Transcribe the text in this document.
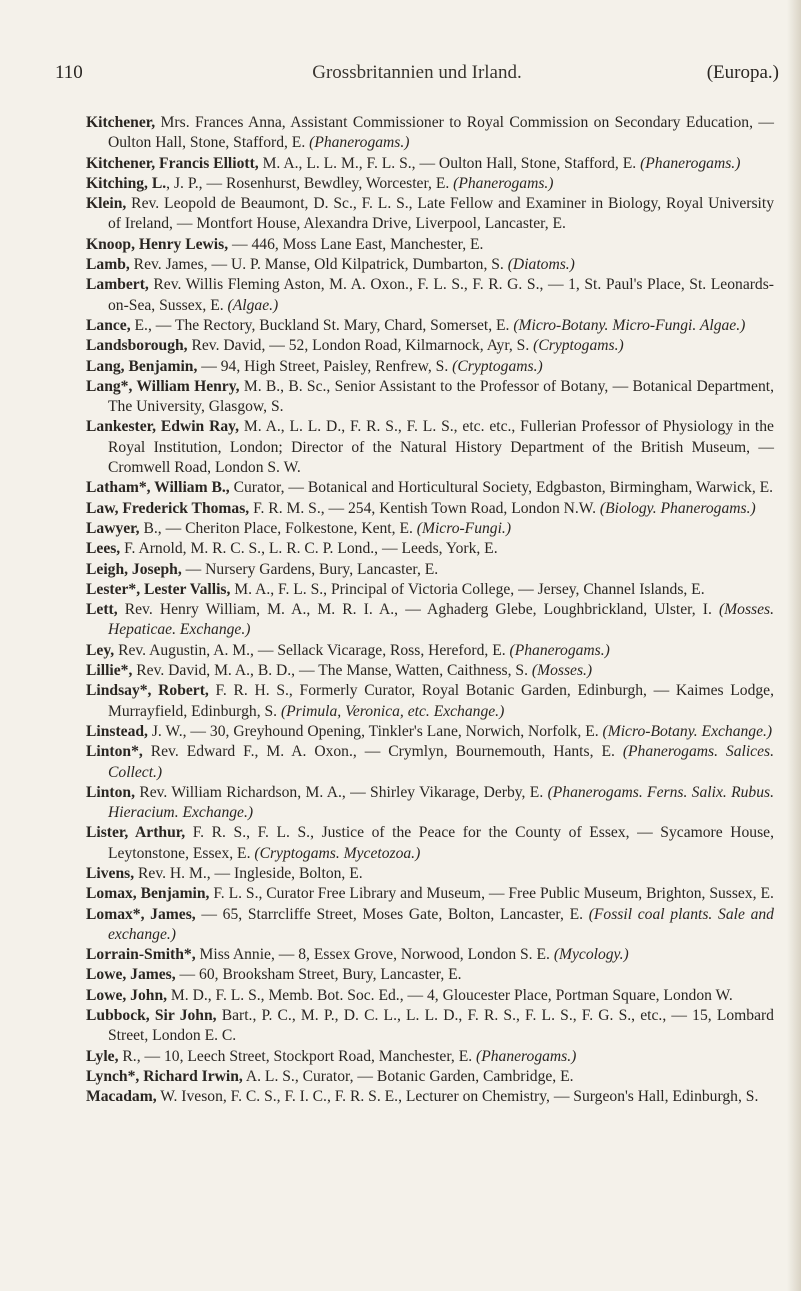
110	Grossbritannien und Irland.	(Europa.)

Kitchener, Mrs. Frances Anna, Assistant Commissioner to Royal Commission on Secondary Education, — Oulton Hall, Stone, Stafford, E. (Phanerogams.)

Kitchener, Francis Elliott, M. A., L. L. M., F. L. S., — Oulton Hall, Stone, Stafford, E. (Phanerogams.)

Kitching, L., J. P., — Rosenhurst, Bewdley, Worcester, E. (Phanerogams.)

Klein, Rev. Leopold de Beaumont, D. Sc., F. L. S., Late Fellow and Examiner in Biology, Royal University of Ireland, — Montfort House, Alexandra Drive, Liverpool, Lancaster, E.

Knoop, Henry Lewis, — 446, Moss Lane East, Manchester, E.

Lamb, Rev. James, — U. P. Manse, Old Kilpatrick, Dumbarton, S. (Diatoms.)

Lambert, Rev. Willis Fleming Aston, M. A. Oxon., F. L. S., F. R. G. S., — 1, St. Paul's Place, St. Leonards-on-Sea, Sussex, E. (Algae.)

Lance, E., — The Rectory, Buckland St. Mary, Chard, Somerset, E. (Micro-Botany. Micro-Fungi. Algae.)

Landsborough, Rev. David, — 52, London Road, Kilmarnock, Ayr, S. (Cryptogams.)

Lang, Benjamin, — 94, High Street, Paisley, Renfrew, S. (Cryptogams.)

Lang*, William Henry, M. B., B. Sc., Senior Assistant to the Professor of Botany, — Botanical Department, The University, Glasgow, S.

Lankester, Edwin Ray, M. A., L. L. D., F. R. S., F. L. S., etc. etc., Fullerian Professor of Physiology in the Royal Institution, London; Director of the Natural History Department of the British Museum, — Cromwell Road, London S. W.

Latham*, William B., Curator, — Botanical and Horticultural Society, Edgbaston, Birmingham, Warwick, E.

Law, Frederick Thomas, F. R. M. S., — 254, Kentish Town Road, London N.W. (Biology. Phanerogams.)

Lawyer, B., — Cheriton Place, Folkestone, Kent, E. (Micro-Fungi.)

Lees, F. Arnold, M. R. C. S., L. R. C. P. Lond., — Leeds, York, E.

Leigh, Joseph, — Nursery Gardens, Bury, Lancaster, E.

Lester*, Lester Vallis, M. A., F. L. S., Principal of Victoria College, — Jersey, Channel Islands, E.

Lett, Rev. Henry William, M. A., M. R. I. A., — Aghaderg Glebe, Loughbrickland, Ulster, I. (Mosses. Hepaticae. Exchange.)

Ley, Rev. Augustin, A. M., — Sellack Vicarage, Ross, Hereford, E. (Phanerogams.)

Lillie*, Rev. David, M. A., B. D., — The Manse, Watten, Caithness, S. (Mosses.)

Lindsay*, Robert, F. R. H. S., Formerly Curator, Royal Botanic Garden, Edinburgh, — Kaimes Lodge, Murrayfield, Edinburgh, S. (Primula, Veronica, etc. Exchange.)

Linstead, J. W., — 30, Greyhound Opening, Tinkler's Lane, Norwich, Norfolk, E. (Micro-Botany. Exchange.)

Linton*, Rev. Edward F., M. A. Oxon., — Crymlyn, Bournemouth, Hants, E. (Phanerogams. Salices. Collect.)

Linton, Rev. William Richardson, M. A., — Shirley Vikarage, Derby, E. (Phanerogams. Ferns. Salix. Rubus. Hieracium. Exchange.)

Lister, Arthur, F. R. S., F. L. S., Justice of the Peace for the County of Essex, — Sycamore House, Leytonstone, Essex, E. (Cryptogams. Mycetozoa.)

Livens, Rev. H. M., — Ingleside, Bolton, E.

Lomax, Benjamin, F. L. S., Curator Free Library and Museum, — Free Public Museum, Brighton, Sussex, E.

Lomax*, James, — 65, Starrcliffe Street, Moses Gate, Bolton, Lancaster, E. (Fossil coal plants. Sale and exchange.)

Lorrain-Smith*, Miss Annie, — 8, Essex Grove, Norwood, London S. E. (Mycology.)

Lowe, James, — 60, Brooksham Street, Bury, Lancaster, E.

Lowe, John, M. D., F. L. S., Memb. Bot. Soc. Ed., — 4, Gloucester Place, Portman Square, London W.

Lubbock, Sir John, Bart., P. C., M. P., D. C. L., L. L. D., F. R. S., F. L. S., F. G. S., etc., — 15, Lombard Street, London E. C.

Lyle, R., — 10, Leech Street, Stockport Road, Manchester, E. (Phanerogams.)

Lynch*, Richard Irwin, A. L. S., Curator, — Botanic Garden, Cambridge, E.

Macadam, W. Iveson, F. C. S., F. I. C., F. R. S. E., Lecturer on Chemistry, — Surgeon's Hall, Edinburgh, S.
